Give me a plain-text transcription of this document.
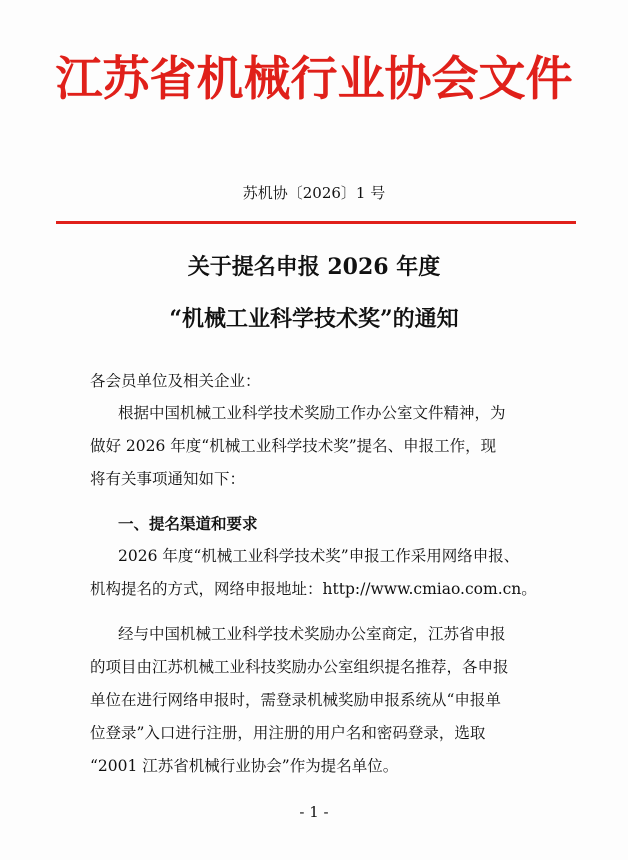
江苏省机械行业协会文件
苏机协〔2026〕1 号
关于提名申报 2026 年度
“机械工业科学技术奖”的通知
各会员单位及相关企业：
根据中国机械工业科学技术奖励工作办公室文件精神，为
做好 2026 年度“机械工业科学技术奖”提名、申报工作，现
将有关事项通知如下：
一、提名渠道和要求
2026 年度“机械工业科学技术奖”申报工作采用网络申报、
机构提名的方式，网络申报地址：http://www.cmiao.com.cn。
经与中国机械工业科学技术奖励办公室商定，江苏省申报
的项目由江苏机械工业科技奖励办公室组织提名推荐，各申报
单位在进行网络申报时，需登录机械奖励申报系统从“申报单
位登录”入口进行注册，用注册的用户名和密码登录，选取
“2001 江苏省机械行业协会”作为提名单位。
- 1 -
